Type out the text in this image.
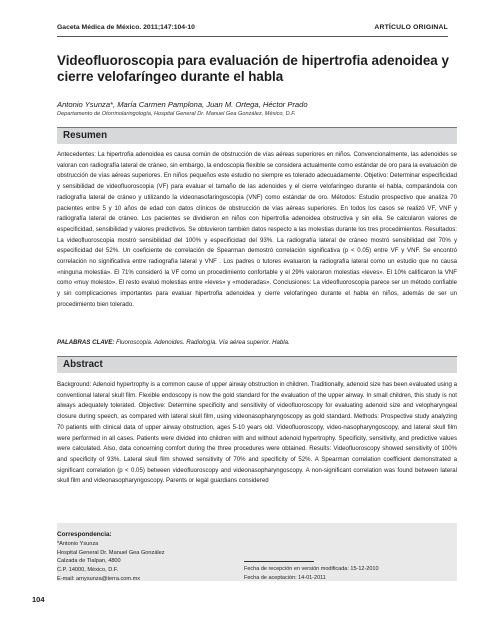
Gaceta Médica de México. 2011;147:104-10	ARTÍCULO ORIGINAL
Videofluoroscopia para evaluación de hipertrofia adenoidea y cierre velofaríngeo durante el habla
Antonio Ysunza*, María Carmen Pamplona, Juan M. Ortega, Héctor Prado
Departamento de Otorrinolaringología, Hospital General Dr. Manuel Gea González, México, D.F.
Resumen

Antecedentes: La hipertrofia adenoidea es causa común de obstrucción de vías aéreas superiores en niños. Convencionalmente, las adenoides se valoran con radiografía lateral de cráneo, sin embargo, la endoscopia flexible se considera actualmente como estándar de oro para la evaluación de obstrucción de vías aéreas superiores. En niños pequeños este estudio no siempre es tolerado adecuadamente. Objetivo: Determinar especificidad y sensibilidad de videofluoroscopia (VF) para evaluar el tamaño de las adenoides y el cierre velofaríngeo durante el habla, comparándola con radiografía lateral de cráneo y utilizando la videonasofaringoscopia (VNF) como estándar de oro. Métodos: Estudio prospectivo que analiza 70 pacientes entre 5 y 10 años de edad con datos clínicos de obstrucción de vías aéreas superiores. En todos los casos se realizó VF, VNF y radiografía lateral de cráneo. Los pacientes se dividieron en niños con hipertrofia adenoidea obstructiva y sin ella. Se calcularon valores de especificidad, sensibilidad y valores predictivos. Se obtuvieron también datos respecto a las molestias durante los tres procedimientos. Resultados: La videofluoroscopia mostró sensibilidad del 100% y especificidad del 93%. La radiografía lateral de cráneo mostró sensibilidad del 70% y especificidad del 52%. Un coeficiente de correlación de Spearman demostró correlación significativa (p < 0.05) entre VF y VNF. Se encontró correlación no significativa entre radiografía lateral y VNF . Los padres o tutores evaluaron la radiografía lateral como un estudio que no causa «ninguna molestia». El 71% consideró la VF como un procedimiento confortable y el 29% valoraron molestias «leves». El 10% calificaron la VNF como «muy molesto». El resto evaluó molestias entre «leves» y «moderadas». Conclusiones: La videofluoroscopia parece ser un método confiable y sin complicaciones importantes para evaluar hipertrofia adenoidea y cierre velofaríngeo durante el habla en niños, además de ser un procedimiento bien tolerado.

PALABRAS CLAVE: Fluoroscopia. Adenoides. Radiología. Vía aérea superior. Habla.
Abstract

Background: Adenoid hypertrophy is a common cause of upper airway obstruction in children. Traditionally, adenoid size has been evaluated using a conventional lateral skull film. Flexible endoscopy is now the gold standard for the evaluation of the upper airway. In small children, this study is not always adequately tolerated. Objective: Determine specificity and sensitivity of videofluoroscopy for evaluating adenoid size and velopharyngeal closure during speech, as compared with lateral skull film, using videonasopharyngoscopy as gold standard. Methods: Prospective study analyzing 70 patients with clinical data of upper airway obstruction, ages 5-10 years old. Videofluoroscopy, video-nasopharyngoscopy, and lateral skull film were performed in all cases. Patients were divided into children with and without adenoid hypertrophy. Specificity, sensitivity, and predictive values were calculated. Also, data concerning comfort during the three procedures were obtained. Results: Videofluoroscopy showed sensitivity of 100% and specificity of 93%. Lateral skull film showed sensitivity of 70% and specificity of 52%. A Spearman correlation coefficient demonstrated a significant correlation (p < 0.05) between videofluoroscopy and videonasopharyngoscopy. A non-significant correlation was found between lateral skull film and videonasopharyngoscopy. Parents or legal guardians considered

Correspondencia:
*Antonio Ysunza
Hospital General Dr. Manuel Gea González
Calzada de Tlalpan, 4800
C.P. 14000, México, D.F.
E-mail: arnysunza@terra.com.mx
Fecha de recepción en versión modificada: 15-12-2010
Fecha de aceptación: 14-01-2011
104
